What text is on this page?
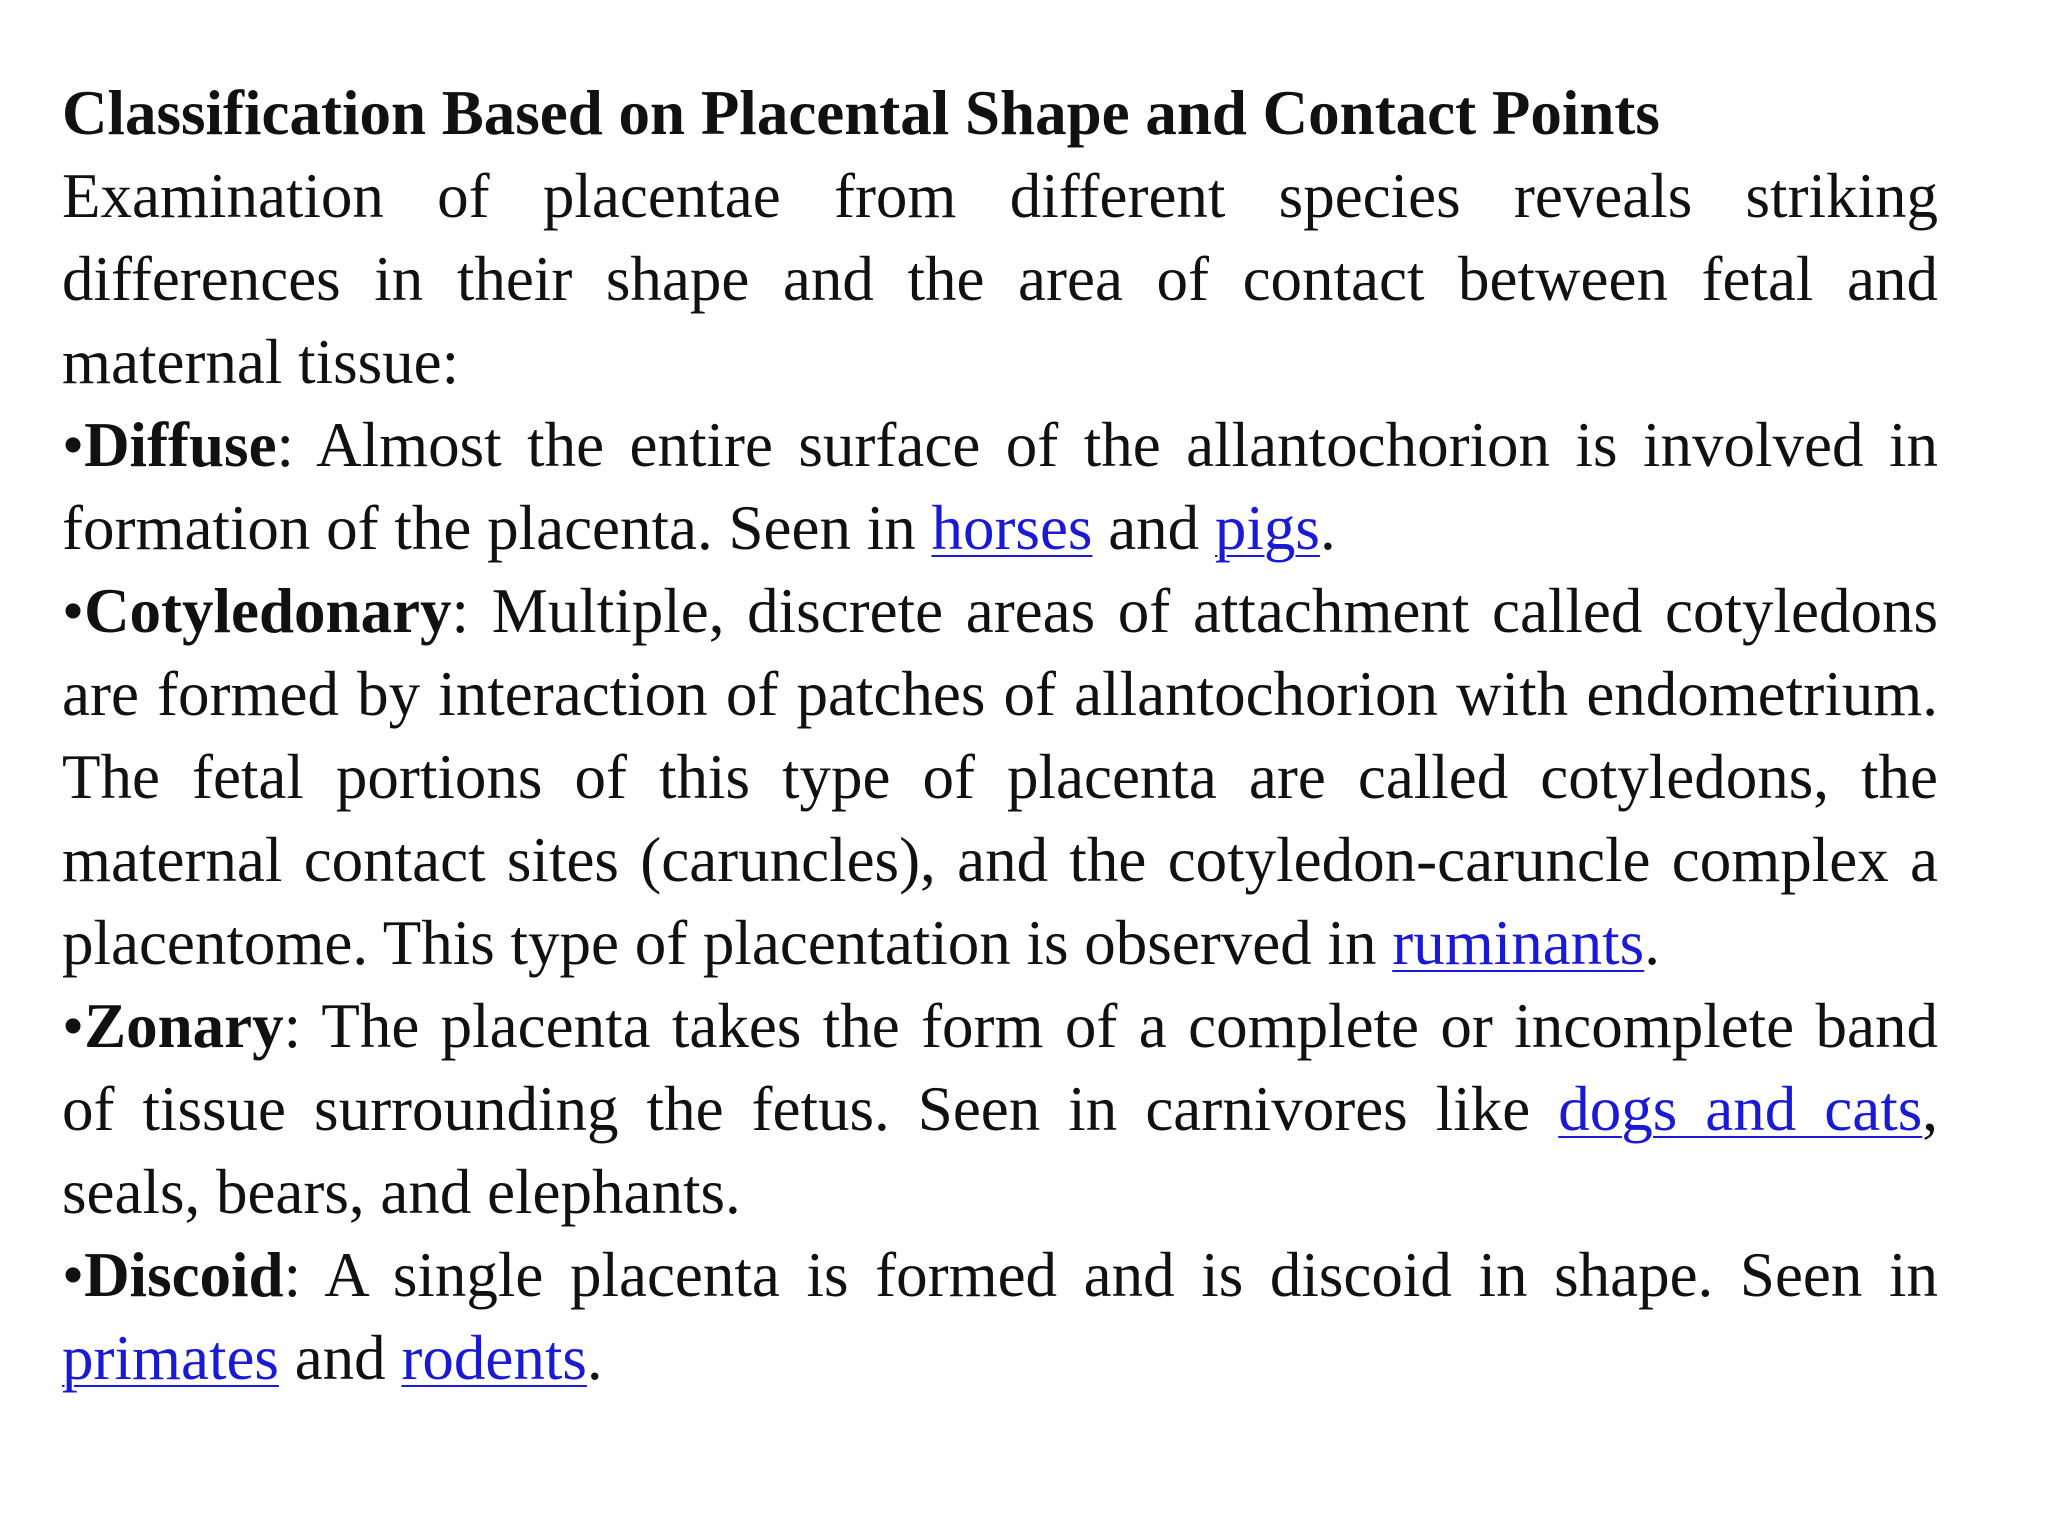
Classification Based on Placental Shape and Contact Points

Examination of placentae from different species reveals striking differences in their shape and the area of contact between fetal and maternal tissue:

•Diffuse: Almost the entire surface of the allantochorion is involved in formation of the placenta. Seen in horses and pigs.

•Cotyledonary: Multiple, discrete areas of attachment called cotyledons are formed by interaction of patches of allantochorion with endometrium. The fetal portions of this type of placenta are called cotyledons, the maternal contact sites (caruncles), and the cotyledon-caruncle complex a placentome. This type of placentation is observed in ruminants.

•Zonary: The placenta takes the form of a complete or incomplete band of tissue surrounding the fetus. Seen in carnivores like dogs and cats, seals, bears, and elephants.

•Discoid: A single placenta is formed and is discoid in shape. Seen in primates and rodents.
